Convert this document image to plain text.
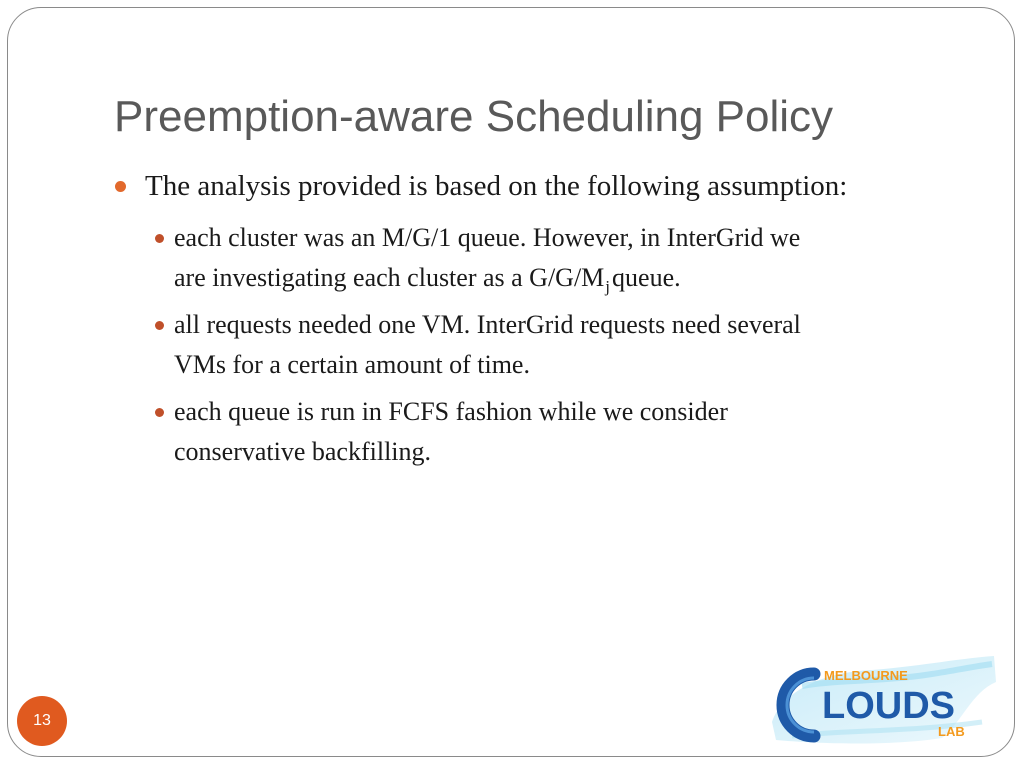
Preemption-aware Scheduling Policy
The analysis provided is based on the following assumption:
each cluster was an M/G/1 queue. However, in InterGrid we
are investigating each cluster as a $G/G/M_jqueue$.
all requests needed one VM. InterGrid requests need several
VMs for a certain amount of time.
each queue is run in FCFS fashion while we consider
conservative backfilling.
13
MELBOURNE
LOUDS
LAB
